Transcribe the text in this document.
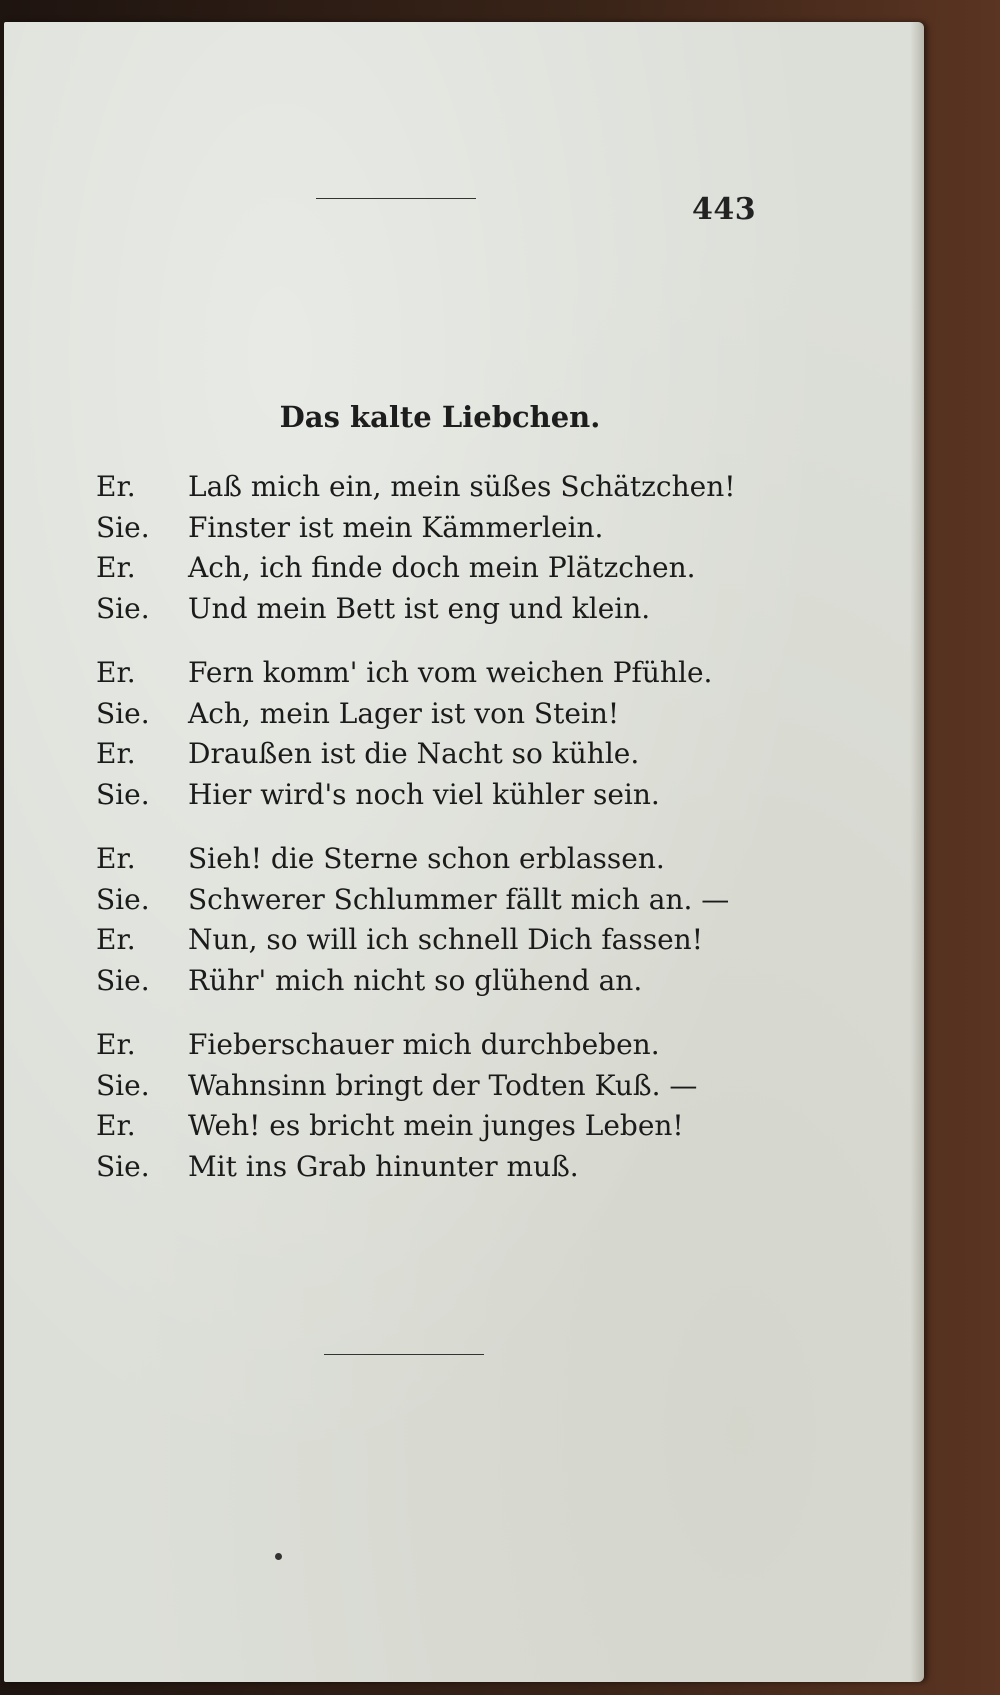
443
Das kalte Liebchen.
Er.	Laß mich ein, mein süßes Schätzchen!
Sie.	Finster ist mein Kämmerlein.
Er.	Ach, ich finde doch mein Plätzchen.
Sie.	Und mein Bett ist eng und klein.
Er.	Fern komm' ich vom weichen Pfühle.
Sie.	Ach, mein Lager ist von Stein!
Er.	Draußen ist die Nacht so kühle.
Sie.	Hier wird's noch viel kühler sein.
Er.	Sieh! die Sterne schon erblassen.
Sie.	Schwerer Schlummer fällt mich an. —
Er.	Nun, so will ich schnell Dich fassen!
Sie.	Rühr' mich nicht so glühend an.
Er.	Fieberschauer mich durchbeben.
Sie.	Wahnsinn bringt der Todten Kuß. —
Er.	Weh! es bricht mein junges Leben!
Sie.	Mit ins Grab hinunter muß.
